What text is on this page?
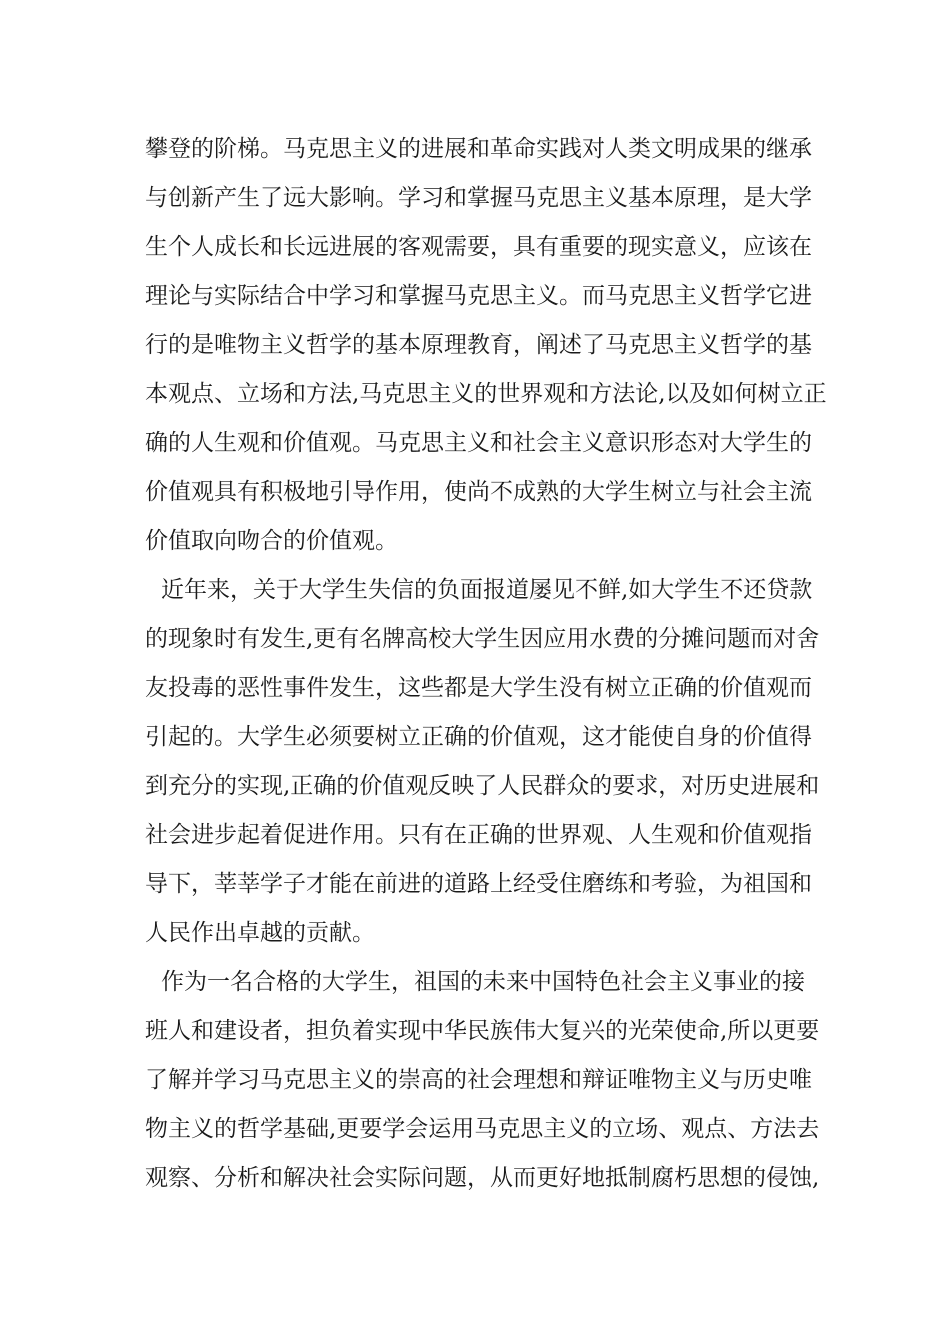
攀登的阶梯。马克思主义的进展和革命实践对人类文明成果的继承
与创新产生了远大影响。学习和掌握马克思主义基本原理，是大学
生个人成长和长远进展的客观需要，具有重要的现实意义，应该在
理论与实际结合中学习和掌握马克思主义。而马克思主义哲学它进
行的是唯物主义哲学的基本原理教育，阐述了马克思主义哲学的基
本观点、立场和方法,马克思主义的世界观和方法论,以及如何树立正
确的人生观和价值观。马克思主义和社会主义意识形态对大学生的
价值观具有积极地引导作用，使尚不成熟的大学生树立与社会主流
价值取向吻合的价值观。
近年来，关于大学生失信的负面报道屡见不鲜,如大学生不还贷款
的现象时有发生,更有名牌高校大学生因应用水费的分摊问题而对舍
友投毒的恶性事件发生，这些都是大学生没有树立正确的价值观而
引起的。大学生必须要树立正确的价值观，这才能使自身的价值得
到充分的实现,正确的价值观反映了人民群众的要求，对历史进展和
社会进步起着促进作用。只有在正确的世界观、人生观和价值观指
导下，莘莘学子才能在前进的道路上经受住磨练和考验，为祖国和
人民作出卓越的贡献。
作为一名合格的大学生，祖国的未来中国特色社会主义事业的接
班人和建设者，担负着实现中华民族伟大复兴的光荣使命,所以更要
了解并学习马克思主义的崇高的社会理想和辩证唯物主义与历史唯
物主义的哲学基础,更要学会运用马克思主义的立场、观点、方法去
观察、分析和解决社会实际问题，从而更好地抵制腐朽思想的侵蚀,
